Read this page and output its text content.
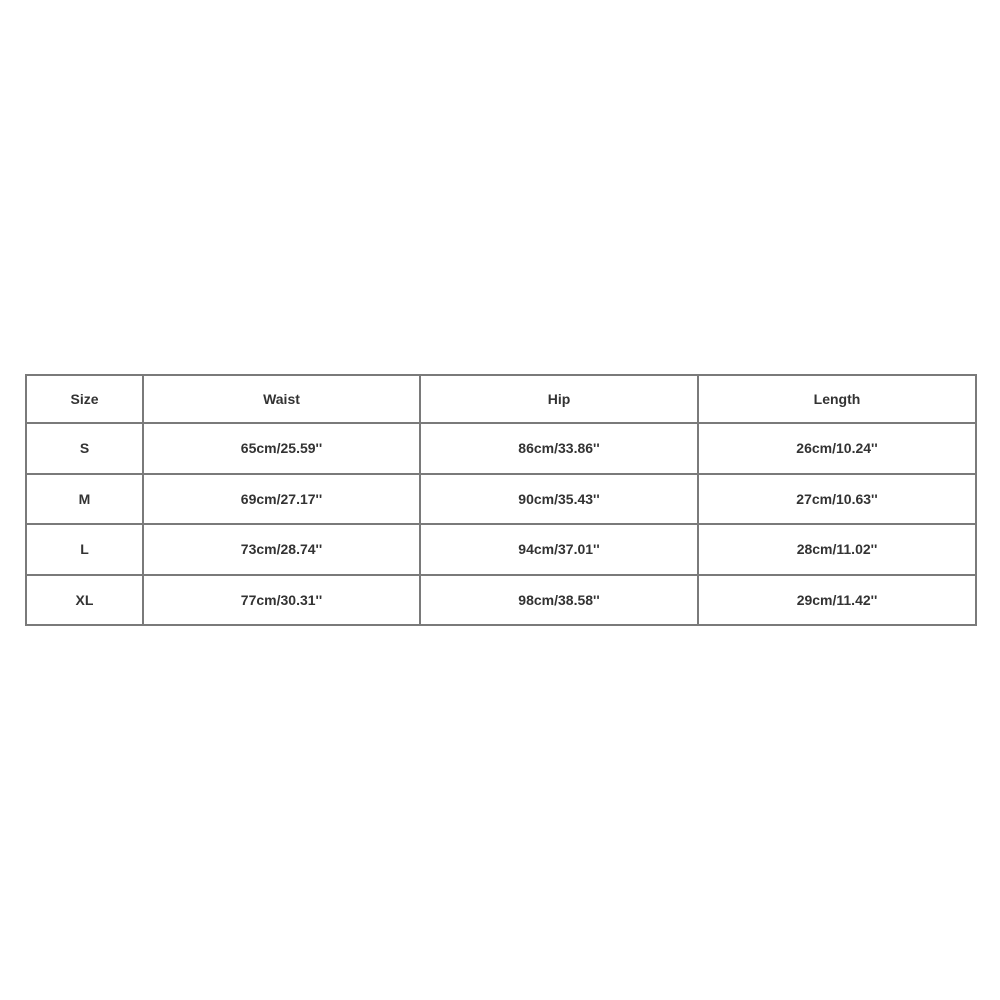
Size	Waist	Hip	Length
S	65cm/25.59''	86cm/33.86''	26cm/10.24''
M	69cm/27.17''	90cm/35.43''	27cm/10.63''
L	73cm/28.74''	94cm/37.01''	28cm/11.02''
XL	77cm/30.31''	98cm/38.58''	29cm/11.42''
